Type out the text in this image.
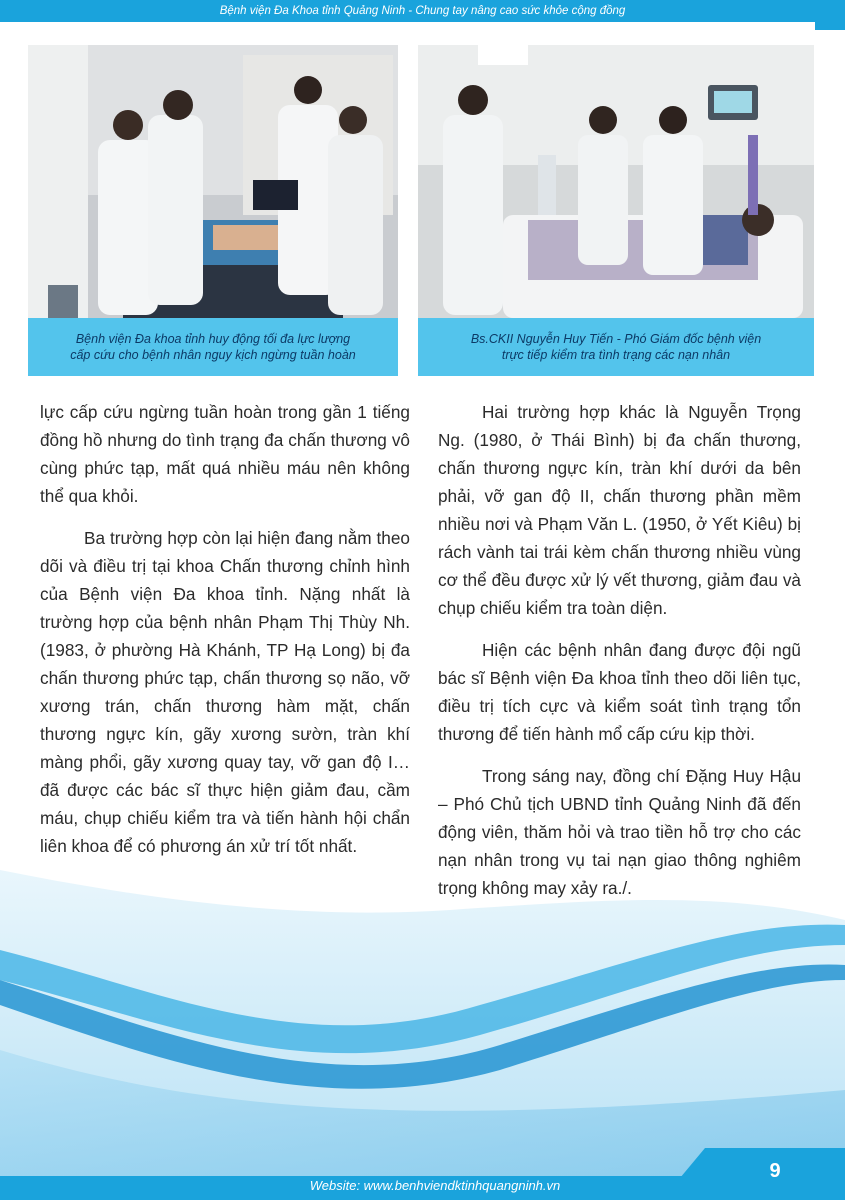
Bệnh viện Đa Khoa tỉnh Quảng Ninh - Chung tay nâng cao sức khỏe cộng đồng
Bệnh viện Đa khoa tỉnh huy động tối đa lực lượng
cấp cứu cho bệnh nhân nguy kịch ngừng tuần hoàn
Bs.CKII Nguyễn Huy Tiến - Phó Giám đốc bệnh viện
trực tiếp kiểm tra tình trạng các nạn nhân

lực cấp cứu ngừng tuần hoàn trong gần 1 tiếng đồng hồ nhưng do tình trạng đa chấn thương vô cùng phức tạp, mất quá nhiều máu nên không thể qua khỏi.

Ba trường hợp còn lại hiện đang nằm theo dõi và điều trị tại khoa Chấn thương chỉnh hình của Bệnh viện Đa khoa tỉnh. Nặng nhất là trường hợp của bệnh nhân Phạm Thị Thùy Nh. (1983, ở phường Hà Khánh, TP Hạ Long) bị đa chấn thương phức tạp, chấn thương sọ não, vỡ xương trán, chấn thương hàm mặt, chấn thương ngực kín, gãy xương sườn, tràn khí màng phổi, gãy xương quay tay, vỡ gan độ I… đã được các bác sĩ thực hiện giảm đau, cầm máu, chụp chiếu kiểm tra và tiến hành hội chẩn liên khoa để có phương án xử trí tốt nhất.

Hai trường hợp khác là Nguyễn Trọng Ng. (1980, ở Thái Bình) bị đa chấn thương, chấn thương ngực kín, tràn khí dưới da bên phải, vỡ gan độ II, chấn thương phần mềm nhiều nơi và Phạm Văn L. (1950, ở Yết Kiêu) bị rách vành tai trái kèm chấn thương nhiều vùng cơ thể đều được xử lý vết thương, giảm đau và chụp chiếu kiểm tra toàn diện.

Hiện các bệnh nhân đang được đội ngũ bác sĩ Bệnh viện Đa khoa tỉnh theo dõi liên tục, điều trị tích cực và kiểm soát tình trạng tổn thương để tiến hành mổ cấp cứu kịp thời.

Trong sáng nay, đồng chí Đặng Huy Hậu – Phó Chủ tịch UBND tỉnh Quảng Ninh đã đến động viên, thăm hỏi và trao tiền hỗ trợ cho các nạn nhân trong vụ tai nạn giao thông nghiêm trọng không may xảy ra./.

Website: www.benhviendktinhquangninh.vn
9
